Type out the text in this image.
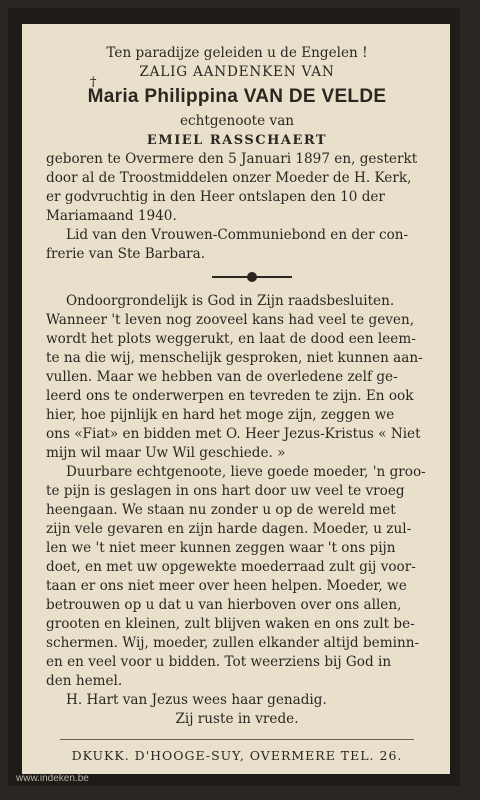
†
Ten paradijze geleiden u de Engelen !
ZALIG AANDENKEN VAN
Maria Philippina VAN DE VELDE
echtgenoote van
EMIEL RASSCHAERT
geboren te Overmere den 5 Januari 1897 en, gesterkt
door al de Troostmiddelen onzer Moeder de H. Kerk,
er godvruchtig in den Heer ontslapen den 10 der
Mariamaand 1940.
Lid van den Vrouwen-Communiebond en der con-
frerie van Ste Barbara.
Ondoorgrondelijk is God in Zijn raadsbesluiten.
Wanneer 't leven nog zooveel kans had veel te geven,
wordt het plots weggerukt, en laat de dood een leem-
te na die wij, menschelijk gesproken, niet kunnen aan-
vullen. Maar we hebben van de overledene zelf ge-
leerd ons te onderwerpen en tevreden te zijn. En ook
hier, hoe pijnlijk en hard het moge zijn, zeggen we
ons «Fiat» en bidden met O. Heer Jezus-Kristus « Niet
mijn wil maar Uw Wil geschiede. »
Duurbare echtgenoote, lieve goede moeder, 'n groo-
te pijn is geslagen in ons hart door uw veel te vroeg
heengaan. We staan nu zonder u op de wereld met
zijn vele gevaren en zijn harde dagen. Moeder, u zul-
len we 't niet meer kunnen zeggen waar 't ons pijn
doet, en met uw opgewekte moederraad zult gij voor-
taan er ons niet meer over heen helpen. Moeder, we
betrouwen op u dat u van hierboven over ons allen,
grooten en kleinen, zult blijven waken en ons zult be-
schermen. Wij, moeder, zullen elkander altijd beminn-
en en veel voor u bidden. Tot weerziens bij God in
den hemel.
H. Hart van Jezus wees haar genadig.
Zij ruste in vrede.
DKUKK. D'HOOGE-SUY, OVERMERE TEL. 26.
www.indeken.be
